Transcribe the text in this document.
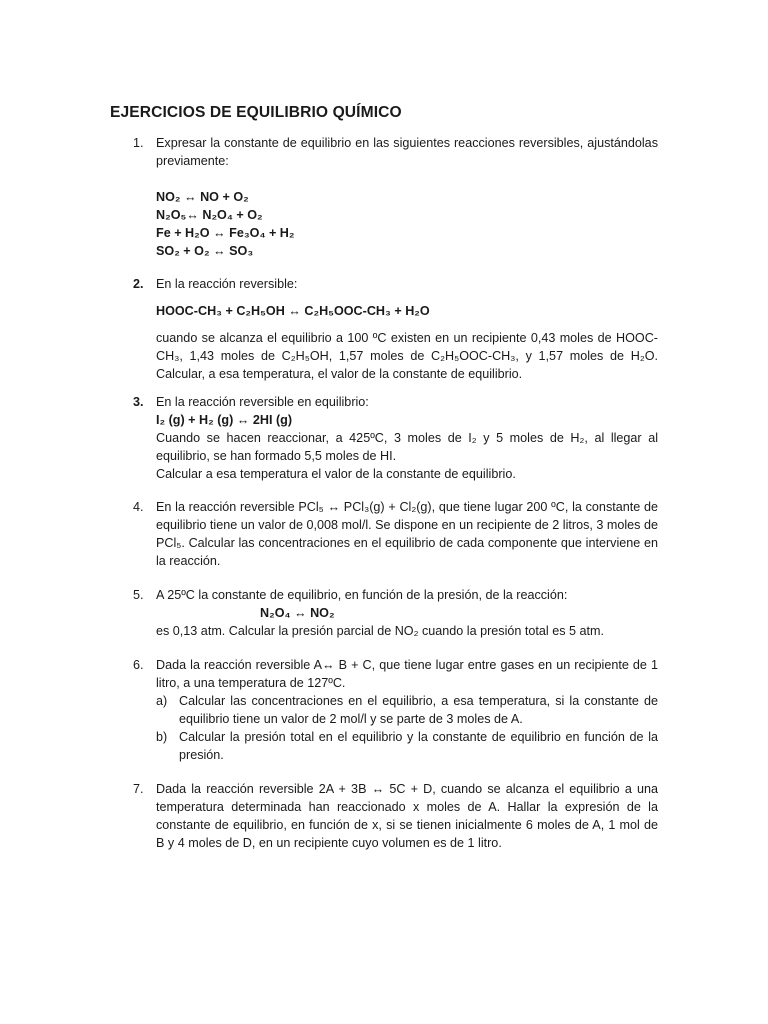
EJERCICIOS DE EQUILIBRIO QUÍMICO
1. Expresar la constante de equilibrio en las siguientes reacciones reversibles, ajustándolas previamente:
NO₂ ↔ NO + O₂
N₂O₅↔ N₂O₄ + O₂
Fe + H₂O ↔ Fe₃O₄ + H₂
SO₂ + O₂ ↔ SO₃
2. En la reacción reversible:
HOOC-CH₃ + C₂H₅OH ↔ C₂H₅OOC-CH₃ + H₂O
cuando se alcanza el equilibrio a 100 ºC existen en un recipiente 0,43 moles de HOOC-CH₃, 1,43 moles de C₂H₅OH, 1,57 moles de C₂H₅OOC-CH₃, y 1,57 moles de H₂O. Calcular, a esa temperatura, el valor de la constante de equilibrio.
3. En la reacción reversible en equilibrio:
I₂ (g) + H₂ (g) ↔ 2HI (g)
Cuando se hacen reaccionar, a 425ºC, 3 moles de I₂ y 5 moles de H₂, al llegar al equilibrio, se han formado 5,5 moles de HI.
Calcular a esa temperatura el valor de la constante de equilibrio.
4. En la reacción reversible PCl₅ ↔ PCl₃(g) + Cl₂(g), que tiene lugar 200 ºC, la constante de equilibrio tiene un valor de 0,008 mol/l. Se dispone en un recipiente de 2 litros, 3 moles de PCl₅. Calcular las concentraciones en el equilibrio de cada componente que interviene en la reacción.
5. A 25ºC la constante de equilibrio, en función de la presión, de la reacción:
N₂O₄ ↔ NO₂
es 0,13 atm. Calcular la presión parcial de NO₂ cuando la presión total es 5 atm.
6. Dada la reacción reversible A↔ B + C, que tiene lugar entre gases en un recipiente de 1 litro, a una temperatura de 127ºC.
a) Calcular las concentraciones en el equilibrio, a esa temperatura, si la constante de equilibrio tiene un valor de 2 mol/l y se parte de 3 moles de A.
b) Calcular la presión total en el equilibrio y la constante de equilibrio en función de la presión.
7. Dada la reacción reversible 2A + 3B ↔ 5C + D, cuando se alcanza el equilibrio a una temperatura determinada han reaccionado x moles de A. Hallar la expresión de la constante de equilibrio, en función de x, si se tienen inicialmente 6 moles de A, 1 mol de B y 4 moles de D, en un recipiente cuyo volumen es de 1 litro.
